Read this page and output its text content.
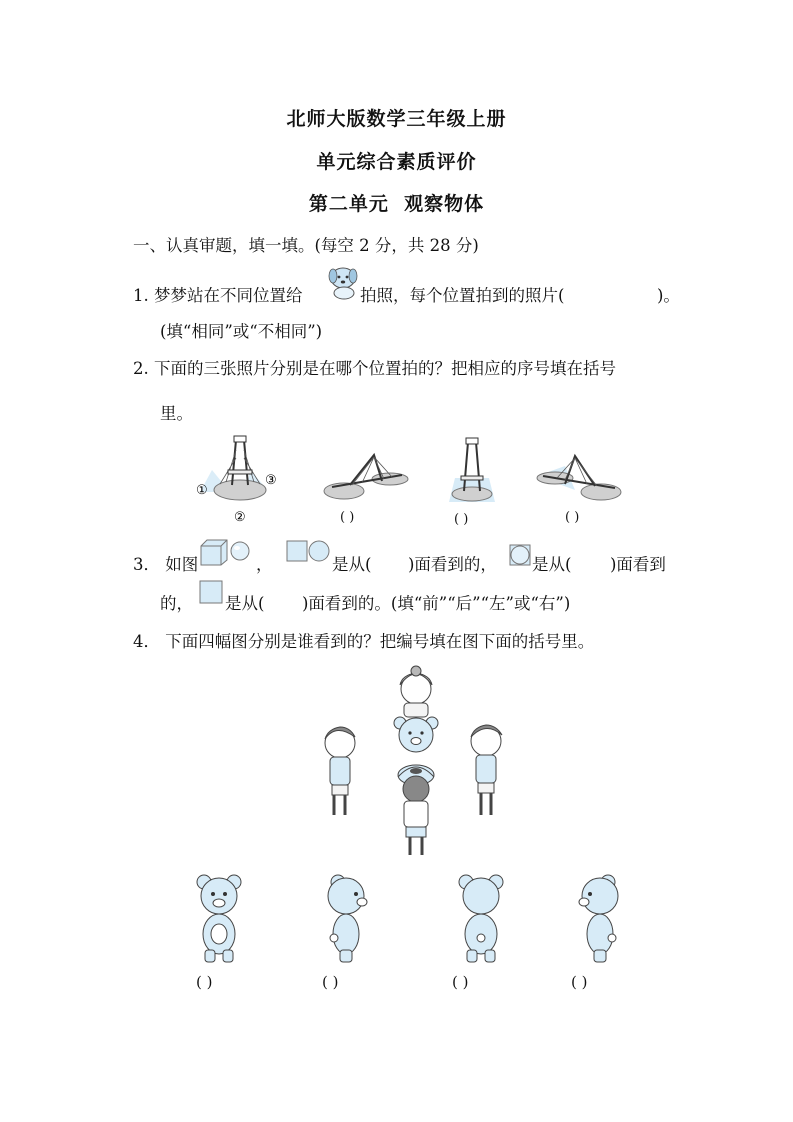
北师大版数学三年级上册
单元综合素质评价
第二单元  观察物体
一、认真审题，填一填。(每空 2 分，共 28 分)
1. 梦梦站在不同位置给	拍照，每个位置拍到的照片(	)。
(填“相同”或“不相同”)
2. 下面的三张照片分别是在哪个位置拍的？把相应的序号填在括号
里。
①
②
③
( )	( )	( )
3． 如图	，	是从( )面看到的， 是从( )面看到
的， 是从( )面看到的。(填“前”“后”“左”或“右”)
4． 下面四幅图分别是谁看到的？把编号填在图下面的括号里。
( )	( )	( )	( )
